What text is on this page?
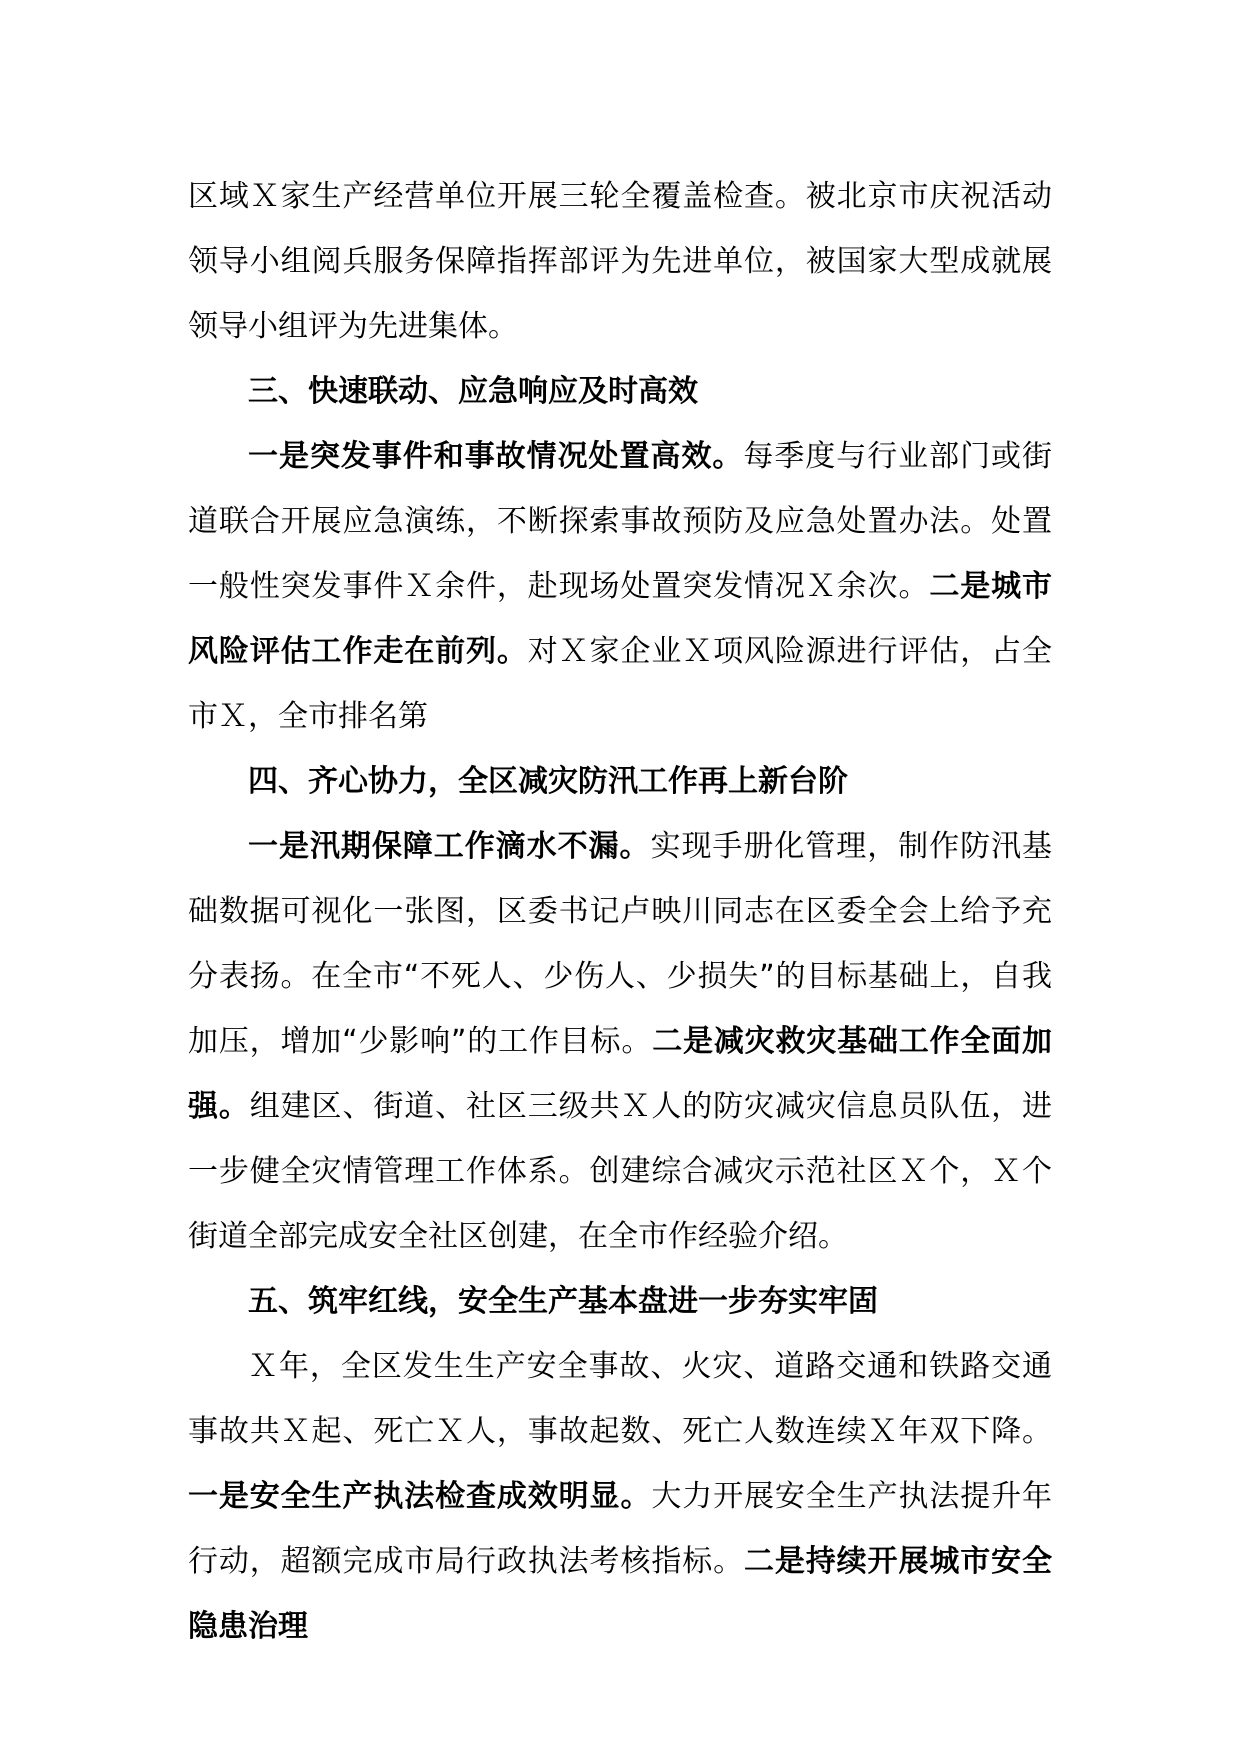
区域Ｘ家生产经营单位开展三轮全覆盖检查。被北京市庆祝活动领导小组阅兵服务保障指挥部评为先进单位，被国家大型成就展领导小组评为先进集体。

三、快速联动、应急响应及时高效

一是突发事件和事故情况处置高效。每季度与行业部门或街道联合开展应急演练，不断探索事故预防及应急处置办法。处置一般性突发事件Ｘ余件，赴现场处置突发情况Ｘ余次。二是城市风险评估工作走在前列。对Ｘ家企业Ｘ项风险源进行评估，占全市Ｘ，全市排名第

四、齐心协力，全区减灾防汛工作再上新台阶

一是汛期保障工作滴水不漏。实现手册化管理，制作防汛基础数据可视化一张图，区委书记卢映川同志在区委全会上给予充分表扬。在全市“不死人、少伤人、少损失”的目标基础上，自我加压，增加“少影响”的工作目标。二是减灾救灾基础工作全面加强。组建区、街道、社区三级共Ｘ人的防灾减灾信息员队伍，进一步健全灾情管理工作体系。创建综合减灾示范社区Ｘ个，Ｘ个街道全部完成安全社区创建，在全市作经验介绍。

五、筑牢红线，安全生产基本盘进一步夯实牢固

Ｘ年，全区发生生产安全事故、火灾、道路交通和铁路交通事故共Ｘ起、死亡Ｘ人，事故起数、死亡人数连续Ｘ年双下降。一是安全生产执法检查成效明显。大力开展安全生产执法提升年行动，超额完成市局行政执法考核指标。二是持续开展城市安全隐患治理
